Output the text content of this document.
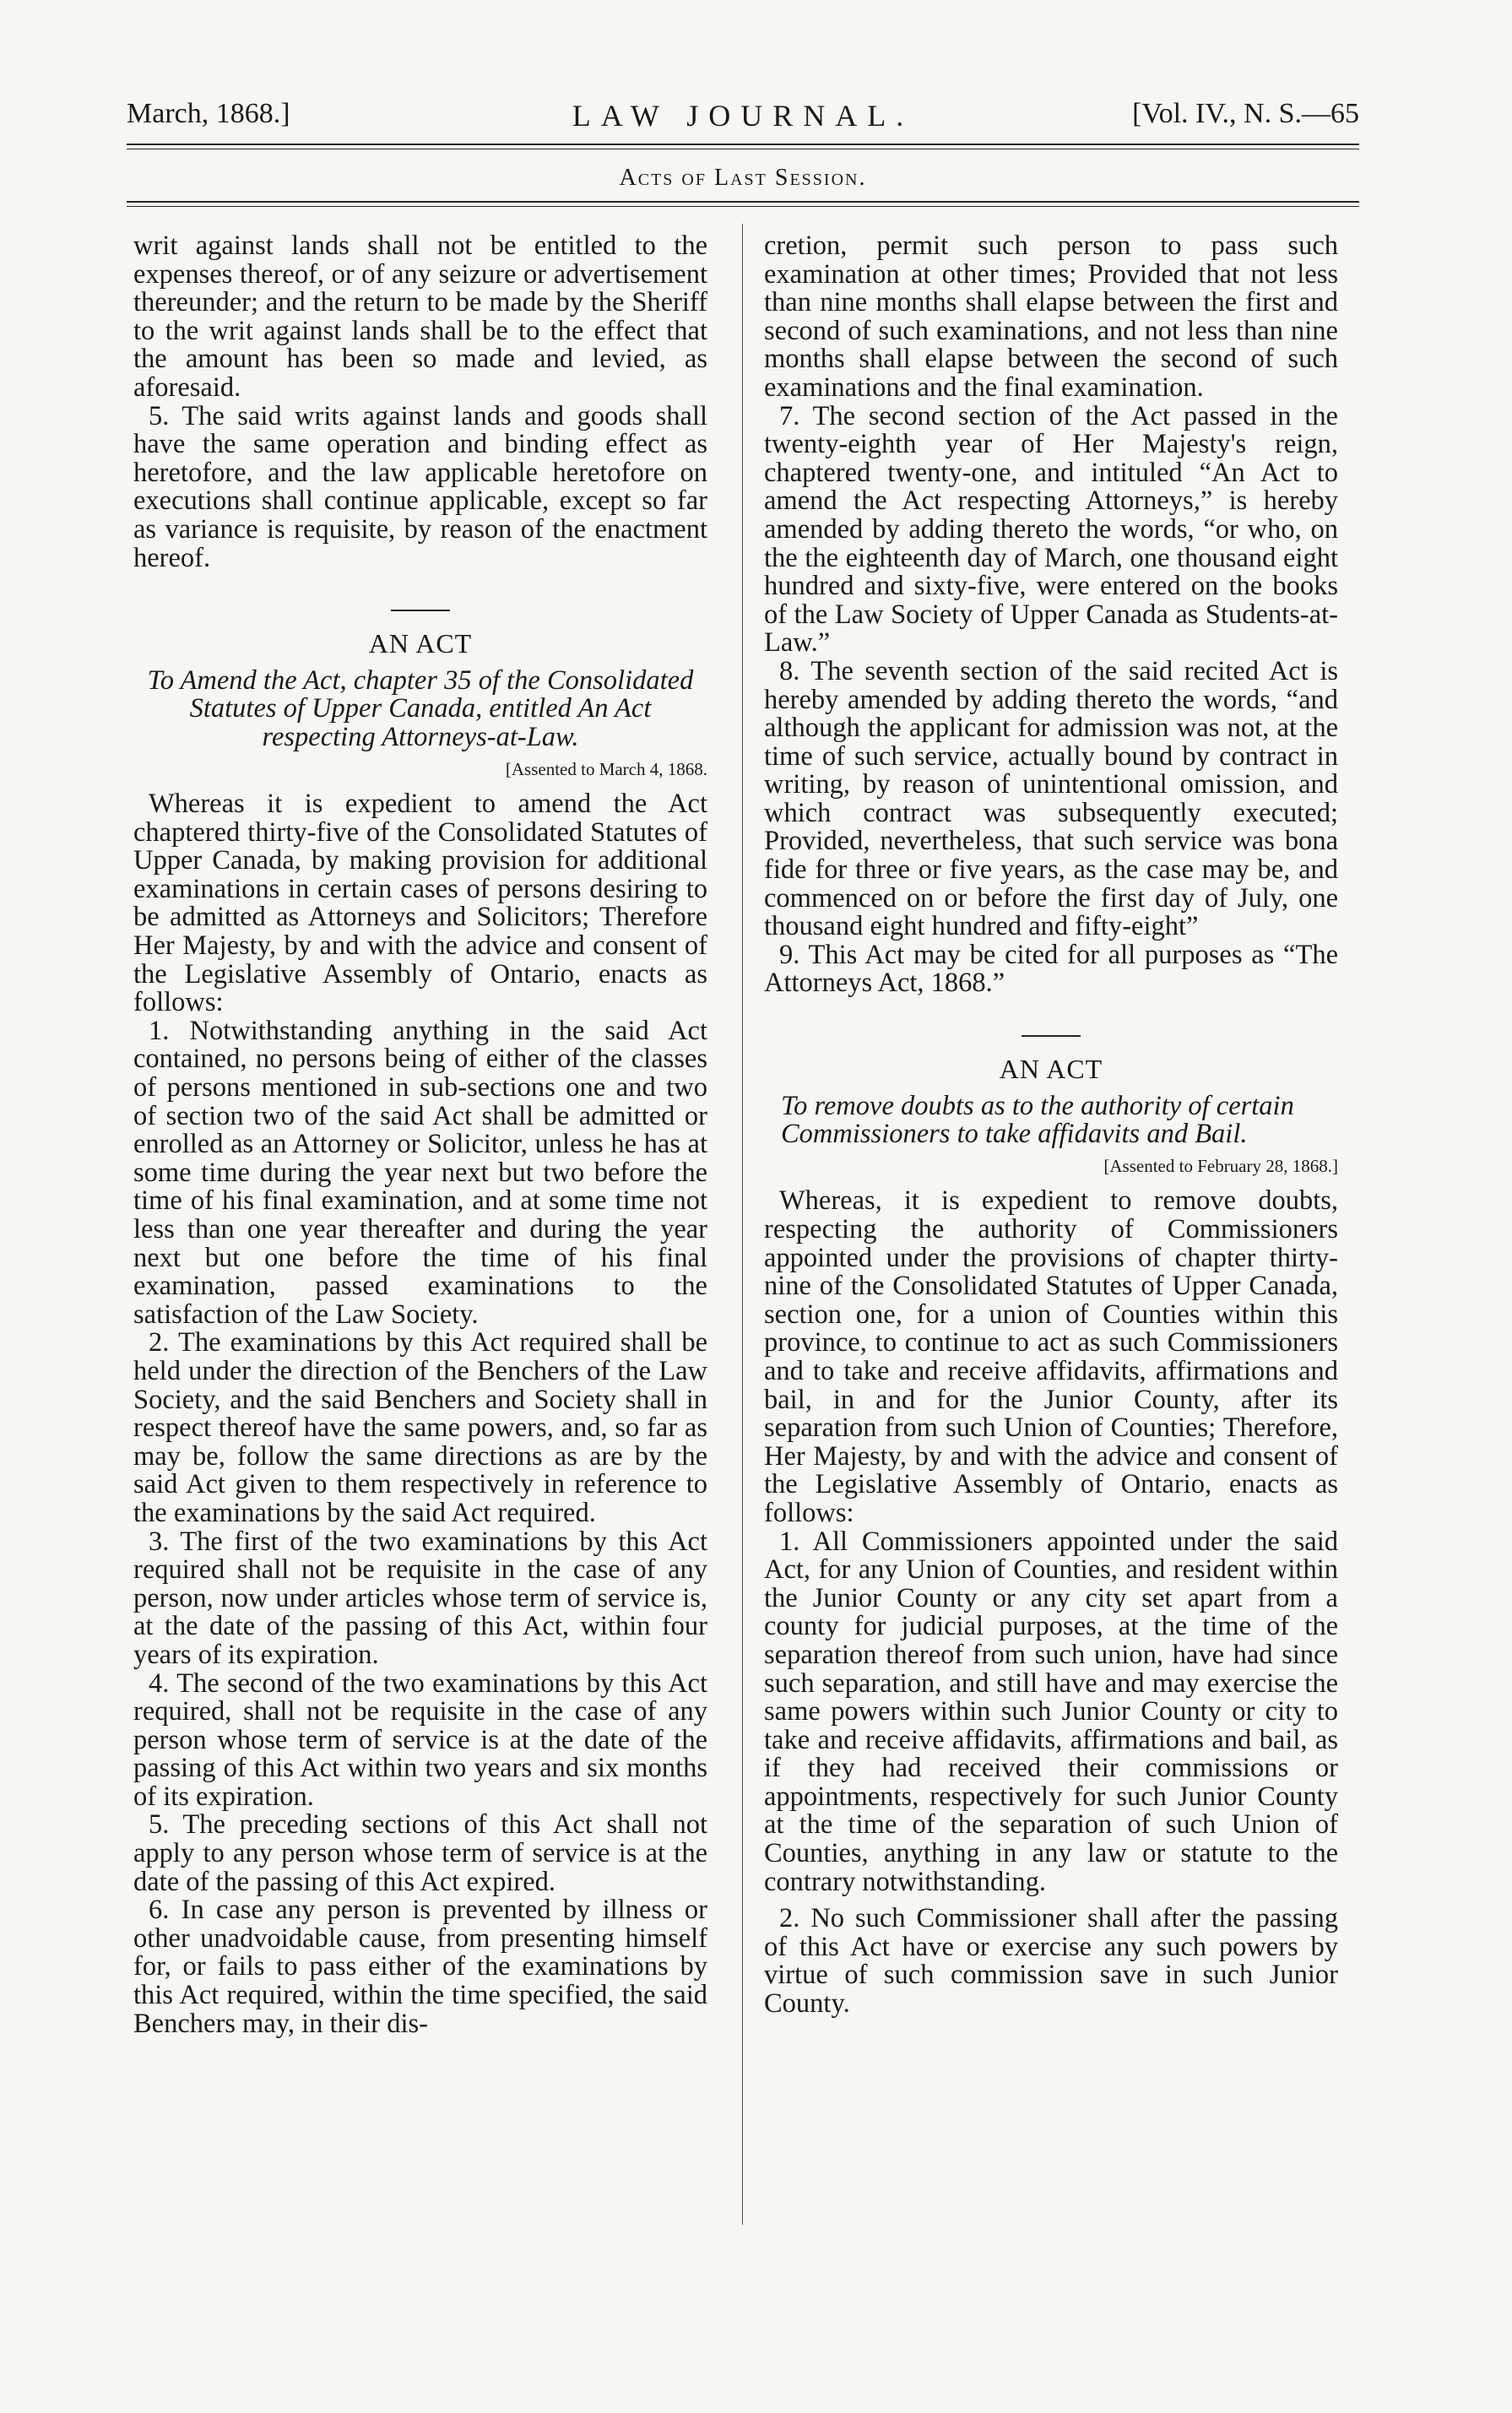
March, 1868.]	LAW JOURNAL.	[Vol. IV., N. S.—65
Acts of Last Session.

writ against lands shall not be entitled to the expenses thereof, or of any seizure or advertisement thereunder; and the return to be made by the Sheriff to the writ against lands shall be to the effect that the amount has been so made and levied, as aforesaid.

5. The said writs against lands and goods shall have the same operation and binding effect as heretofore, and the law applicable heretofore on executions shall continue applicable, except so far as variance is requisite, by reason of the enactment hereof.

AN ACT

To Amend the Act, chapter 35 of the Consolidated Statutes of Upper Canada, entitled An Act respecting Attorneys-at-Law.

[Assented to March 4, 1868.

Whereas it is expedient to amend the Act chaptered thirty-five of the Consolidated Statutes of Upper Canada, by making provision for additional examinations in certain cases of persons desiring to be admitted as Attorneys and Solicitors; Therefore Her Majesty, by and with the advice and consent of the Legislative Assembly of Ontario, enacts as follows:

1. Notwithstanding anything in the said Act contained, no persons being of either of the classes of persons mentioned in sub-sections one and two of section two of the said Act shall be admitted or enrolled as an Attorney or Solicitor, unless he has at some time during the year next but two before the time of his final examination, and at some time not less than one year thereafter and during the year next but one before the time of his final examination, passed examinations to the satisfaction of the Law Society.

2. The examinations by this Act required shall be held under the direction of the Benchers of the Law Society, and the said Benchers and Society shall in respect thereof have the same powers, and, so far as may be, follow the same directions as are by the said Act given to them respectively in reference to the examinations by the said Act required.

3. The first of the two examinations by this Act required shall not be requisite in the case of any person, now under articles whose term of service is, at the date of the passing of this Act, within four years of its expiration.

4. The second of the two examinations by this Act required, shall not be requisite in the case of any person whose term of service is at the date of the passing of this Act within two years and six months of its expiration.

5. The preceding sections of this Act shall not apply to any person whose term of service is at the date of the passing of this Act expired.

6. In case any person is prevented by illness or other unadvoidable cause, from presenting himself for, or fails to pass either of the examinations by this Act required, within the time specified, the said Benchers may, in their dis-

cretion, permit such person to pass such examination at other times; Provided that not less than nine months shall elapse between the first and second of such examinations, and not less than nine months shall elapse between the second of such examinations and the final examination.

7. The second section of the Act passed in the twenty-eighth year of Her Majesty's reign, chaptered twenty-one, and intituled “An Act to amend the Act respecting Attorneys,” is hereby amended by adding thereto the words, “or who, on the the eighteenth day of March, one thousand eight hundred and sixty-five, were entered on the books of the Law Society of Upper Canada as Students-at-Law.”

8. The seventh section of the said recited Act is hereby amended by adding thereto the words, “and although the applicant for admission was not, at the time of such service, actually bound by contract in writing, by reason of unintentional omission, and which contract was subsequently executed; Provided, nevertheless, that such service was bona fide for three or five years, as the case may be, and commenced on or before the first day of July, one thousand eight hundred and fifty-eight”

9. This Act may be cited for all purposes as “The Attorneys Act, 1868.”

AN ACT

To remove doubts as to the authority of certain Commissioners to take affidavits and Bail.

[Assented to February 28, 1868.]

Whereas, it is expedient to remove doubts, respecting the authority of Commissioners appointed under the provisions of chapter thirty-nine of the Consolidated Statutes of Upper Canada, section one, for a union of Counties within this province, to continue to act as such Commissioners and to take and receive affidavits, affirmations and bail, in and for the Junior County, after its separation from such Union of Counties; Therefore, Her Majesty, by and with the advice and consent of the Legislative Assembly of Ontario, enacts as follows:

1. All Commissioners appointed under the said Act, for any Union of Counties, and resident within the Junior County or any city set apart from a county for judicial purposes, at the time of the separation thereof from such union, have had since such separation, and still have and may exercise the same powers within such Junior County or city to take and receive affidavits, affirmations and bail, as if they had received their commissions or appointments, respectively for such Junior County at the time of the separation of such Union of Counties, anything in any law or statute to the contrary notwithstanding.

2. No such Commissioner shall after the passing of this Act have or exercise any such powers by virtue of such commission save in such Junior County.
